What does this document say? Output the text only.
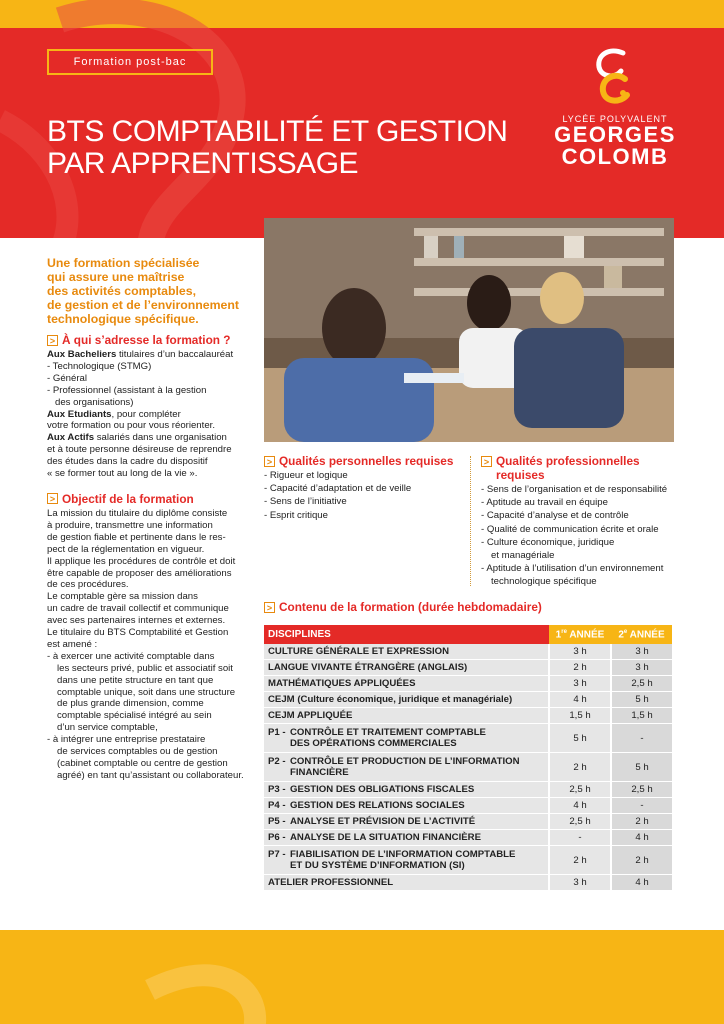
Formation post-bac
BTS COMPTABILITÉ ET GESTION
PAR APPRENTISSAGE
LYCÉE POLYVALENT
GEORGES
COLOMB
Une formation spécialisée
qui assure une maîtrise
des activités comptables,
de gestion et de l’environnement
technologique spécifique.
> À qui s’adresse la formation ?
Aux Bacheliers titulaires d’un baccalauréat
- Technologique (STMG)
- Général
- Professionnel (assistant à la gestion
des organisations)
Aux Etudiants, pour compléter
votre formation ou pour vous réorienter.
Aux Actifs salariés dans une organisation
et à toute personne désireuse de reprendre
des études dans la cadre du dispositif
« se former tout au long de la vie ».
> Objectif de la formation
La mission du titulaire du diplôme consiste
à produire, transmettre une information
de gestion fiable et pertinente dans le res-
pect de la réglementation en vigueur.
Il applique les procédures de contrôle et doit
être capable de proposer des améliorations
de ces procédures.
Le comptable gère sa mission dans
un cadre de travail collectif et communique
avec ses partenaires internes et externes.
Le titulaire du BTS Comptabilité et Gestion
est amené :
- à exercer une activité comptable dans
les secteurs privé, public et associatif soit
dans une petite structure en tant que
comptable unique, soit dans une structure
de plus grande dimension, comme
comptable spécialisé intégré au sein
d’un service comptable,
- à intégrer une entreprise prestataire
de services comptables ou de gestion
(cabinet comptable ou centre de gestion
agréé) en tant qu’assistant ou collaborateur.
> Qualités personnelles requises
- Rigueur et logique
- Capacité d’adaptation et de veille
- Sens de l’initiative
- Esprit critique
> Qualités professionnelles
requises
- Sens de l’organisation et de responsabilité
- Aptitude au travail en équipe
- Capacité d’analyse et de contrôle
- Qualité de communication écrite et orale
- Culture économique, juridique
et managériale
- Aptitude à l’utilisation d’un environnement
technologique spécifique
> Contenu de la formation (durée hebdomadaire)
DISCIPLINES	1re ANNÉE	2e ANNÉE

CULTURE GÉNÉRALE ET EXPRESSION	3 h	3 h

LANGUE VIVANTE ÉTRANGÈRE (ANGLAIS)	2 h	3 h

MATHÉMATIQUES APPLIQUÉES	3 h	2,5 h

CEJM (Culture économique, juridique et managériale)	4 h	5 h

CEJM APPLIQUÉE	1,5 h	1,5 h
P1 - CONTRÔLE ET TRAITEMENT COMPTABLE
DES OPÉRATIONS COMMERCIALES	5 h	-
P2 - CONTRÔLE ET PRODUCTION DE L’INFORMATION
FINANCIÈRE	2 h	5 h
P3 - GESTION DES OBLIGATIONS FISCALES	2,5 h	2,5 h
P4 - GESTION DES RELATIONS SOCIALES	4 h	-
P5 - ANALYSE ET PRÉVISION DE L’ACTIVITÉ	2,5 h	2 h
P6 - ANALYSE DE LA SITUATION FINANCIÈRE	-	4 h
P7 - FIABILISATION DE L’INFORMATION COMPTABLE
ET DU SYSTÈME D’INFORMATION (SI)	2 h	2 h

ATELIER PROFESSIONNEL	3 h	4 h
